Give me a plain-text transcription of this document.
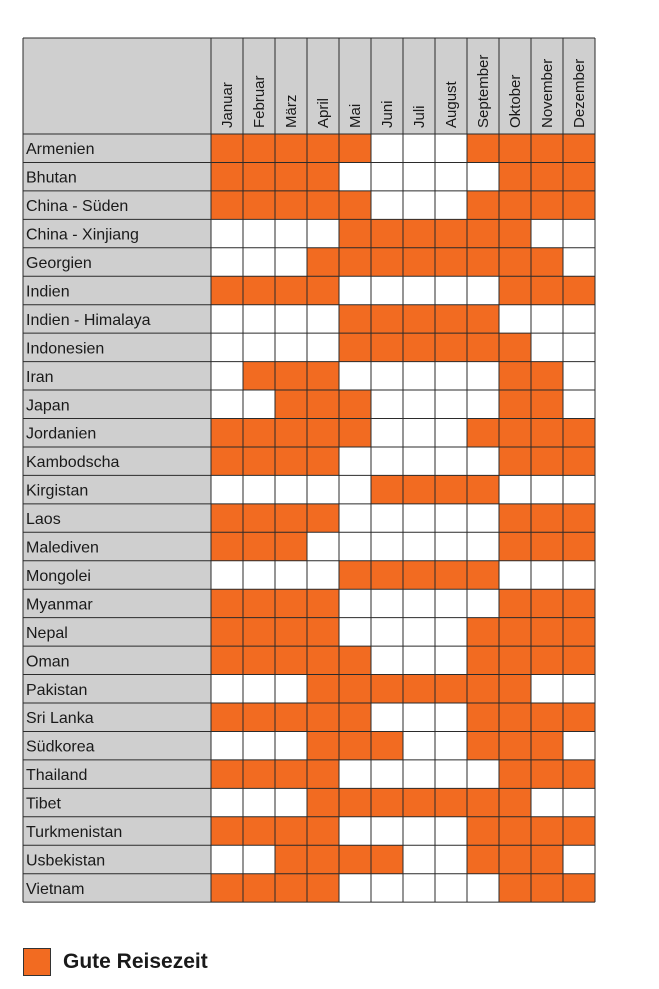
Januar Februar März April Mai Juni Juli August September Oktober November Dezember
Armenien
Bhutan
China - Süden
China - Xinjiang
Georgien
Indien
Indien - Himalaya
Indonesien
Iran
Japan
Jordanien
Kambodscha
Kirgistan
Laos
Malediven
Mongolei
Myanmar
Nepal
Oman
Pakistan
Sri Lanka
Südkorea
Thailand
Tibet
Turkmenistan
Usbekistan
Vietnam
Gute Reisezeit
